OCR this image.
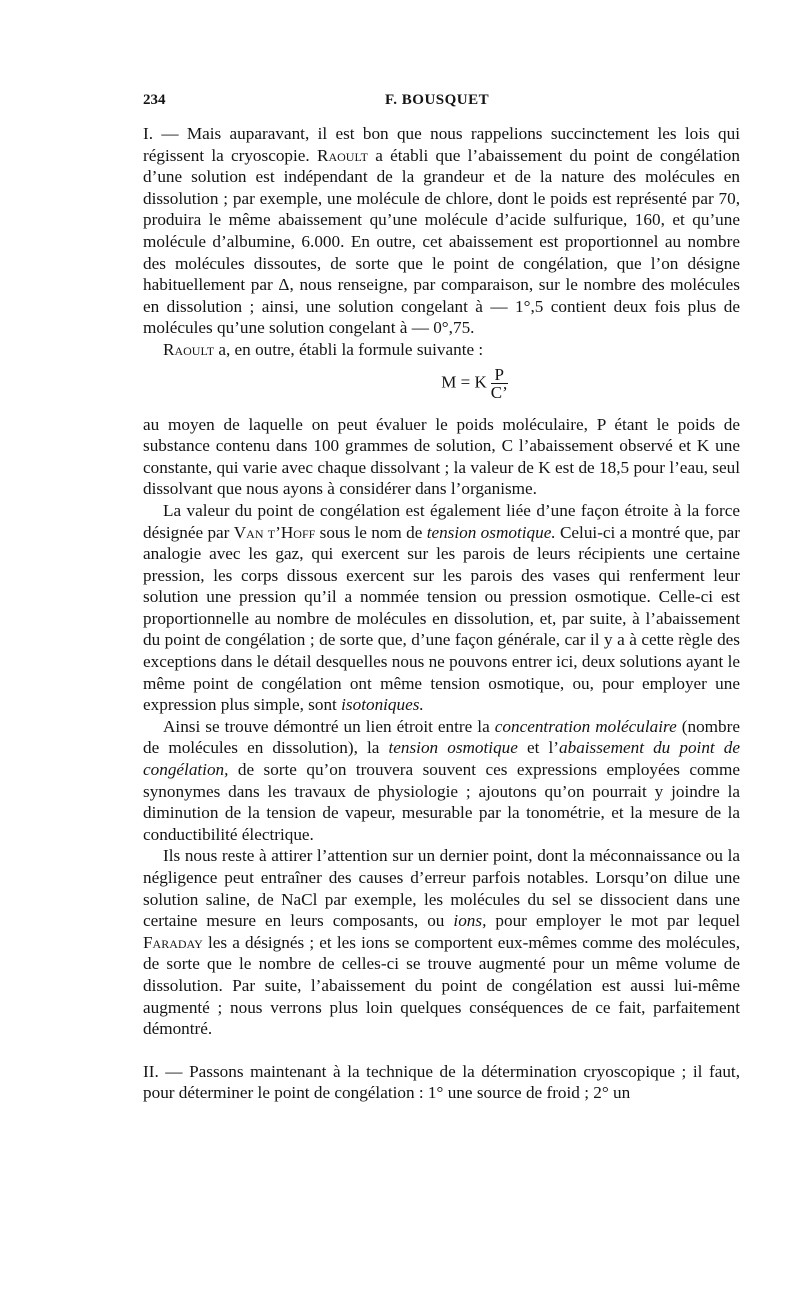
234	F. BOUSQUET

I. — Mais auparavant, il est bon que nous rappelions succinctement les lois qui régissent la cryoscopie. Raoult a établi que l’abaissement du point de congélation d’une solution est indépendant de la grandeur et de la nature des molécules en dissolution ; par exemple, une molécule de chlore, dont le poids est représenté par 70, produira le même abaissement qu’une molécule d’acide sulfurique, 160, et qu’une molécule d’albumine, 6.000. En outre, cet abaissement est proportionnel au nombre des molécules dissoutes, de sorte que le point de congélation, que l’on désigne habituellement par Δ, nous renseigne, par comparaison, sur le nombre des molécules en dissolution ; ainsi, une solution congelant à — 1°,5 contient deux fois plus de molécules qu’une solution congelant à — 0°,75.

Raoult a, en outre, établi la formule suivante :

M = K $\frac{P}{C’}$

au moyen de laquelle on peut évaluer le poids moléculaire, P étant le poids de substance contenu dans 100 grammes de solution, C l’abaissement observé et K une constante, qui varie avec chaque dissolvant ; la valeur de K est de 18,5 pour l’eau, seul dissolvant que nous ayons à considérer dans l’organisme.

La valeur du point de congélation est également liée d’une façon étroite à la force désignée par Van t’Hoff sous le nom de tension osmotique. Celui-ci a montré que, par analogie avec les gaz, qui exercent sur les parois de leurs récipients une certaine pression, les corps dissous exercent sur les parois des vases qui renferment leur solution une pression qu’il a nommée tension ou pression osmotique. Celle-ci est proportionnelle au nombre de molécules en dissolution, et, par suite, à l’abaissement du point de congélation ; de sorte que, d’une façon générale, car il y a à cette règle des exceptions dans le détail desquelles nous ne pouvons entrer ici, deux solutions ayant le même point de congélation ont même tension osmotique, ou, pour employer une expression plus simple, sont isotoniques.

Ainsi se trouve démontré un lien étroit entre la concentration moléculaire (nombre de molécules en dissolution), la tension osmotique et l’abaissement du point de congélation, de sorte qu’on trouvera souvent ces expressions employées comme synonymes dans les travaux de physiologie ; ajoutons qu’on pourrait y joindre la diminution de la tension de vapeur, mesurable par la tonométrie, et la mesure de la conductibilité électrique.

Ils nous reste à attirer l’attention sur un dernier point, dont la méconnaissance ou la négligence peut entraîner des causes d’erreur parfois notables. Lorsqu’on dilue une solution saline, de NaCl par exemple, les molécules du sel se dissocient dans une certaine mesure en leurs composants, ou ions, pour employer le mot par lequel Faraday les a désignés ; et les ions se comportent eux-mêmes comme des molécules, de sorte que le nombre de celles-ci se trouve augmenté pour un même volume de dissolution. Par suite, l’abaissement du point de congélation est aussi lui-même augmenté ; nous verrons plus loin quelques conséquences de ce fait, parfaitement démontré.

II. — Passons maintenant à la technique de la détermination cryoscopique ; il faut, pour déterminer le point de congélation : 1° une source de froid ; 2° un
